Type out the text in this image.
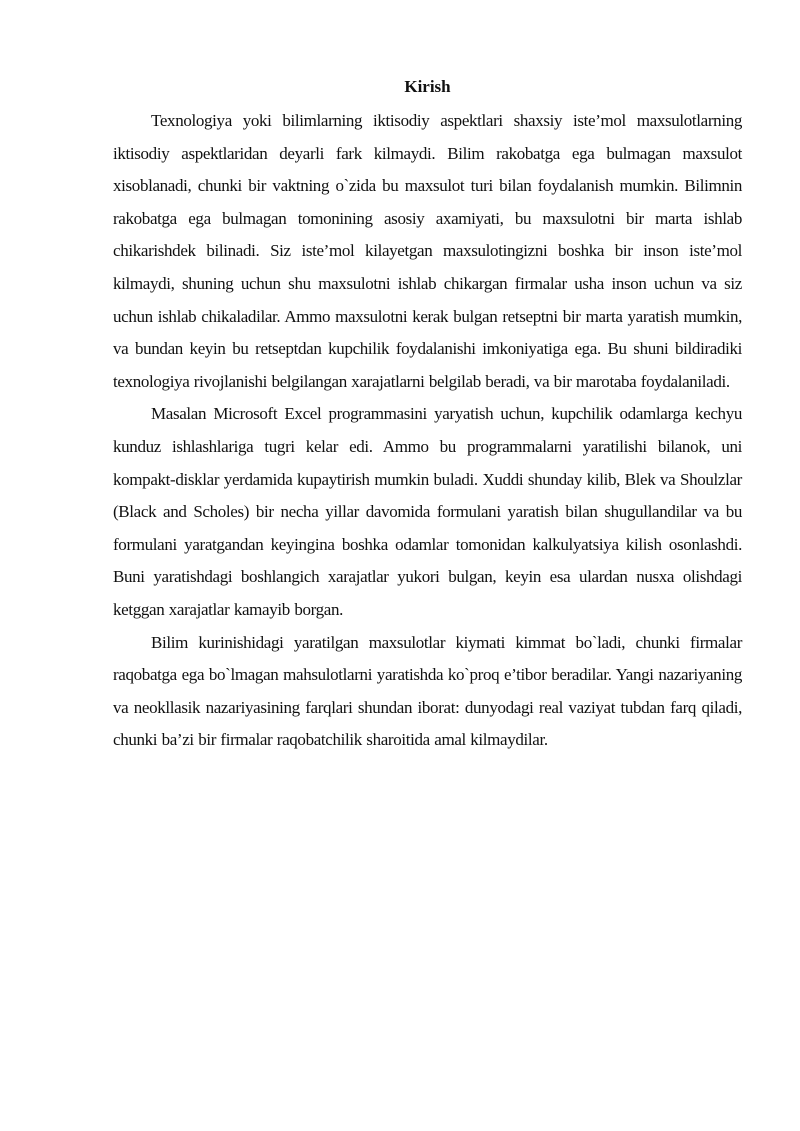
Kirish

Texnologiya yoki bilimlarning iktisodiy aspektlari shaxsiy iste’mol maxsulotlarning iktisodiy aspektlaridan deyarli fark kilmaydi. Bilim rakobatga ega bulmagan maxsulot xisoblanadi, chunki bir vaktning o`zida bu maxsulot turi bilan foydalanish mumkin. Bilimnin rakobatga ega bulmagan tomonining asosiy axamiyati, bu maxsulotni bir marta ishlab chikarishdek bilinadi. Siz iste’mol kilayetgan maxsulotingizni boshka bir inson iste’mol kilmaydi, shuning uchun shu maxsulotni ishlab chikargan firmalar usha inson uchun va siz uchun ishlab chikaladilar. Ammo maxsulotni kerak bulgan retseptni bir marta yaratish mumkin, va bundan keyin bu retseptdan kupchilik foydalanishi imkoniyatiga ega. Bu shuni bildiradiki texnologiya rivojlanishi belgilangan xarajatlarni belgilab beradi, va bir marotaba foydalaniladi.

Masalan Microsoft Excel programmasini yaryatish uchun, kupchilik odamlarga kechyu kunduz ishlashlariga tugri kelar edi. Ammo bu programmalarni yaratilishi bilanok, uni kompakt-disklar yerdamida kupaytirish mumkin buladi. Xuddi shunday kilib, Blek va Shoulzlar (Black and Scholes) bir necha yillar davomida formulani yaratish bilan shugullandilar va bu formulani yaratgandan keyingina boshka odamlar tomonidan kalkulyatsiya kilish osonlashdi. Buni yaratishdagi boshlangich xarajatlar yukori bulgan, keyin esa ulardan nusxa olishdagi ketggan xarajatlar kamayib borgan.

Bilim kurinishidagi yaratilgan maxsulotlar kiymati kimmat bo`ladi, chunki firmalar raqobatga ega bo`lmagan mahsulotlarni yaratishda ko`proq e’tibor beradilar. Yangi nazariyaning va neokllasik nazariyasining farqlari shundan iborat: dunyodagi real vaziyat tubdan farq qiladi, chunki ba’zi bir firmalar raqobatchilik sharoitida amal kilmaydilar.
